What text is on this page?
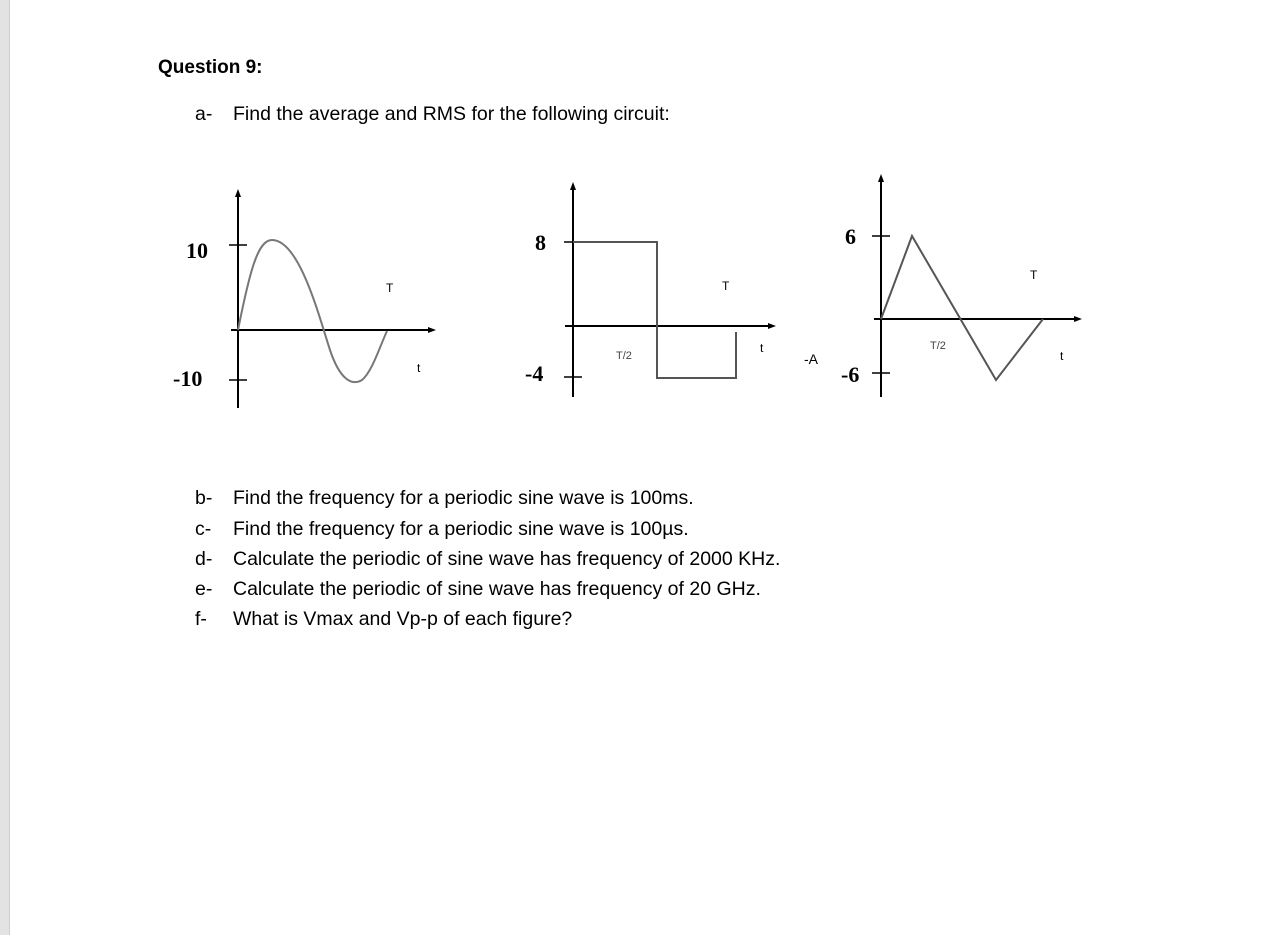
Question 9:
a- Find the average and RMS for the following circuit:
10
-10
T
t
8
-4
T/2
T
t
-A
6
-6
T/2
T
t
b- Find the frequency for a periodic sine wave is 100ms.
c- Find the frequency for a periodic sine wave is 100µs.
d- Calculate the periodic of sine wave has frequency of 2000 KHz.
e- Calculate the periodic of sine wave has frequency of 20 GHz.
f- What is Vmax and Vp-p of each figure?
